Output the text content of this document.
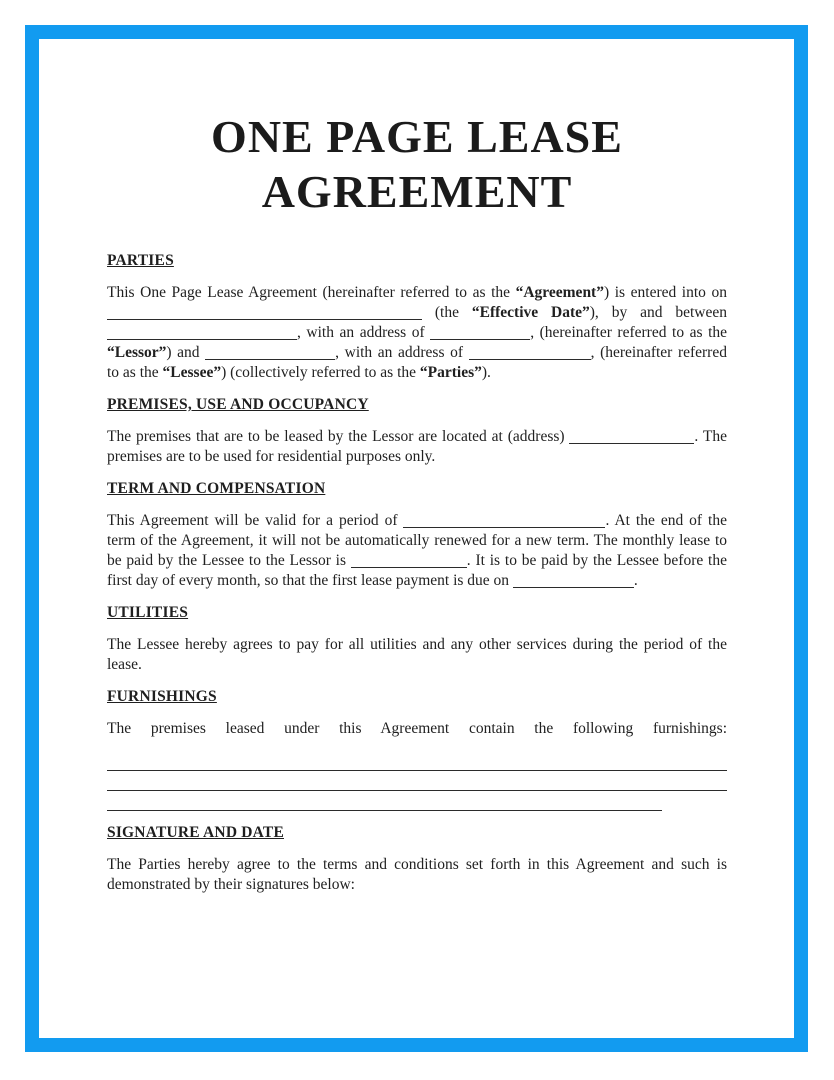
ONE PAGE LEASE
AGREEMENT
PARTIES

This One Page Lease Agreement (hereinafter referred to as the “Agreement”) is entered into on  (the “Effective Date”), by and between , with an address of	, (hereinafter referred to as the “Lessor”) and	, with an address of	, (hereinafter referred to as the “Lessee”) (collectively referred to as the “Parties”).

PREMISES, USE AND OCCUPANCY

The premises that are to be leased by the Lessor are located at (address)	. The premises are to be used for residential purposes only.

TERM AND COMPENSATION

This Agreement will be valid for a period of	. At the end of the term of the Agreement, it will not be automatically renewed for a new term. The monthly lease to be paid by the Lessee to the Lessor is	. It is to be paid by the Lessee before the first day of every month, so that the first lease payment is due on	.

UTILITIES

The Lessee hereby agrees to pay for all utilities and any other services during the period of the lease.

FURNISHINGS

The premises leased under this Agreement contain the following furnishings:

SIGNATURE AND DATE

The Parties hereby agree to the terms and conditions set forth in this Agreement and such is demonstrated by their signatures below:
